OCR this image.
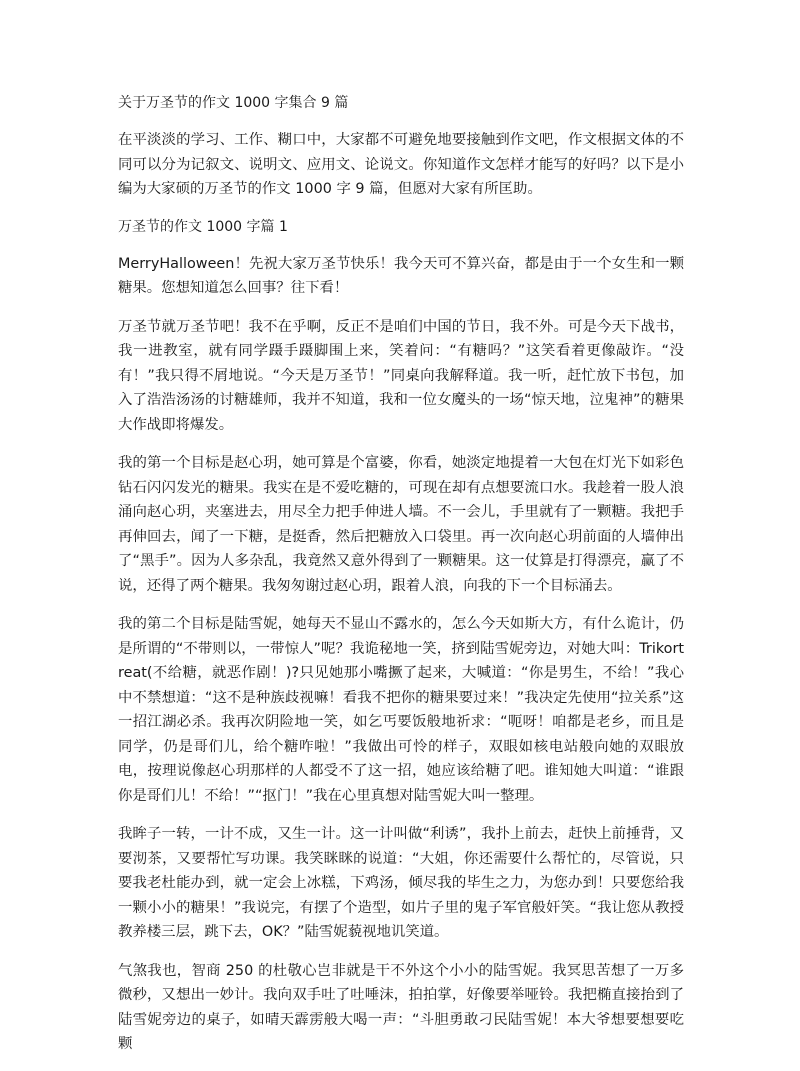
关于万圣节的作文 1000 字集合 9 篇

在平淡淡的学习、工作、糊口中，大家都不可避免地要接触到作文吧，作文根据文体的不同可以分为记叙文、说明文、应用文、论说文。你知道作文怎样才能写的好吗？以下是小编为大家硕的万圣节的作文 1000 字 9 篇，但愿对大家有所匡助。

万圣节的作文 1000 字篇 1

MerryHalloween！先祝大家万圣节快乐！我今天可不算兴奋，都是由于一个女生和一颗糖果。您想知道怎么回事？往下看！

万圣节就万圣节吧！我不在乎啊，反正不是咱们中国的节日，我不外。可是今天下战书，我一进教室，就有同学蹑手蹑脚围上来，笑着问：“有糖吗？”这笑看着更像敲诈。“没有！”我只得不屑地说。“今天是万圣节！”同桌向我解释道。我一听，赶忙放下书包，加入了浩浩汤汤的讨糖雄师，我并不知道，我和一位女魔头的一场“惊天地，泣鬼神”的糖果大作战即将爆发。

我的第一个目标是赵心玥，她可算是个富婆，你看，她淡定地提着一大包在灯光下如彩色钻石闪闪发光的糖果。我实在是不爱吃糖的，可现在却有点想要流口水。我趁着一股人浪涌向赵心玥，夹塞进去，用尽全力把手伸进人墙。不一会儿，手里就有了一颗糖。我把手再伸回去，闻了一下糖，是挺香，然后把糖放入口袋里。再一次向赵心玥前面的人墙伸出了“黑手”。因为人多杂乱，我竟然又意外得到了一颗糖果。这一仗算是打得漂亮，赢了不说，还得了两个糖果。我匆匆谢过赵心玥，跟着人浪，向我的下一个目标涌去。

我的第二个目标是陆雪妮，她每天不显山不露水的，怎么今天如斯大方，有什么诡计，仍是所谓的“不带则以，一带惊人”呢？我诡秘地一笑，挤到陆雪妮旁边，对她大叫：Trikortreat(不给糖，就恶作剧！)?只见她那小嘴撅了起来，大喊道：“你是男生，不给！”我心中不禁想道：“这不是种族歧视嘛！看我不把你的糖果要过来！”我决定先使用“拉关系”这一招江湖必杀。我再次阴险地一笑，如乞丐要饭般地祈求：“呃呀！咱都是老乡，而且是同学，仍是哥们儿，给个糖咋啦！”我做出可怜的样子，双眼如核电站般向她的双眼放电，按理说像赵心玥那样的人都受不了这一招，她应该给糖了吧。谁知她大叫道：“谁跟你是哥们儿！不给！”“抠门！”我在心里真想对陆雪妮大叫一整理。

我眸子一转，一计不成，又生一计。这一计叫做“利诱”，我扑上前去，赶快上前捶背，又要沏茶，又要帮忙写功课。我笑眯眯的说道：“大姐，你还需要什么帮忙的，尽管说，只要我老杜能办到，就一定会上冰糕，下鸡汤，倾尽我的毕生之力，为您办到！只要您给我一颗小小的糖果！”我说完，有摆了个造型，如片子里的鬼子军官般奸笑。“我让您从教授教养楼三层，跳下去，OK？”陆雪妮藐视地讥笑道。

气煞我也，智商 250 的杜敬心岂非就是干不外这个小小的陆雪妮。我冥思苦想了一万多微秒，又想出一妙计。我向双手吐了吐唾沫，拍拍掌，好像要举哑铃。我把椭直接抬到了陆雪妮旁边的桌子，如晴天霹雳般大喝一声：“斗胆勇敢刁民陆雪妮！本大爷想要想要吃颗
